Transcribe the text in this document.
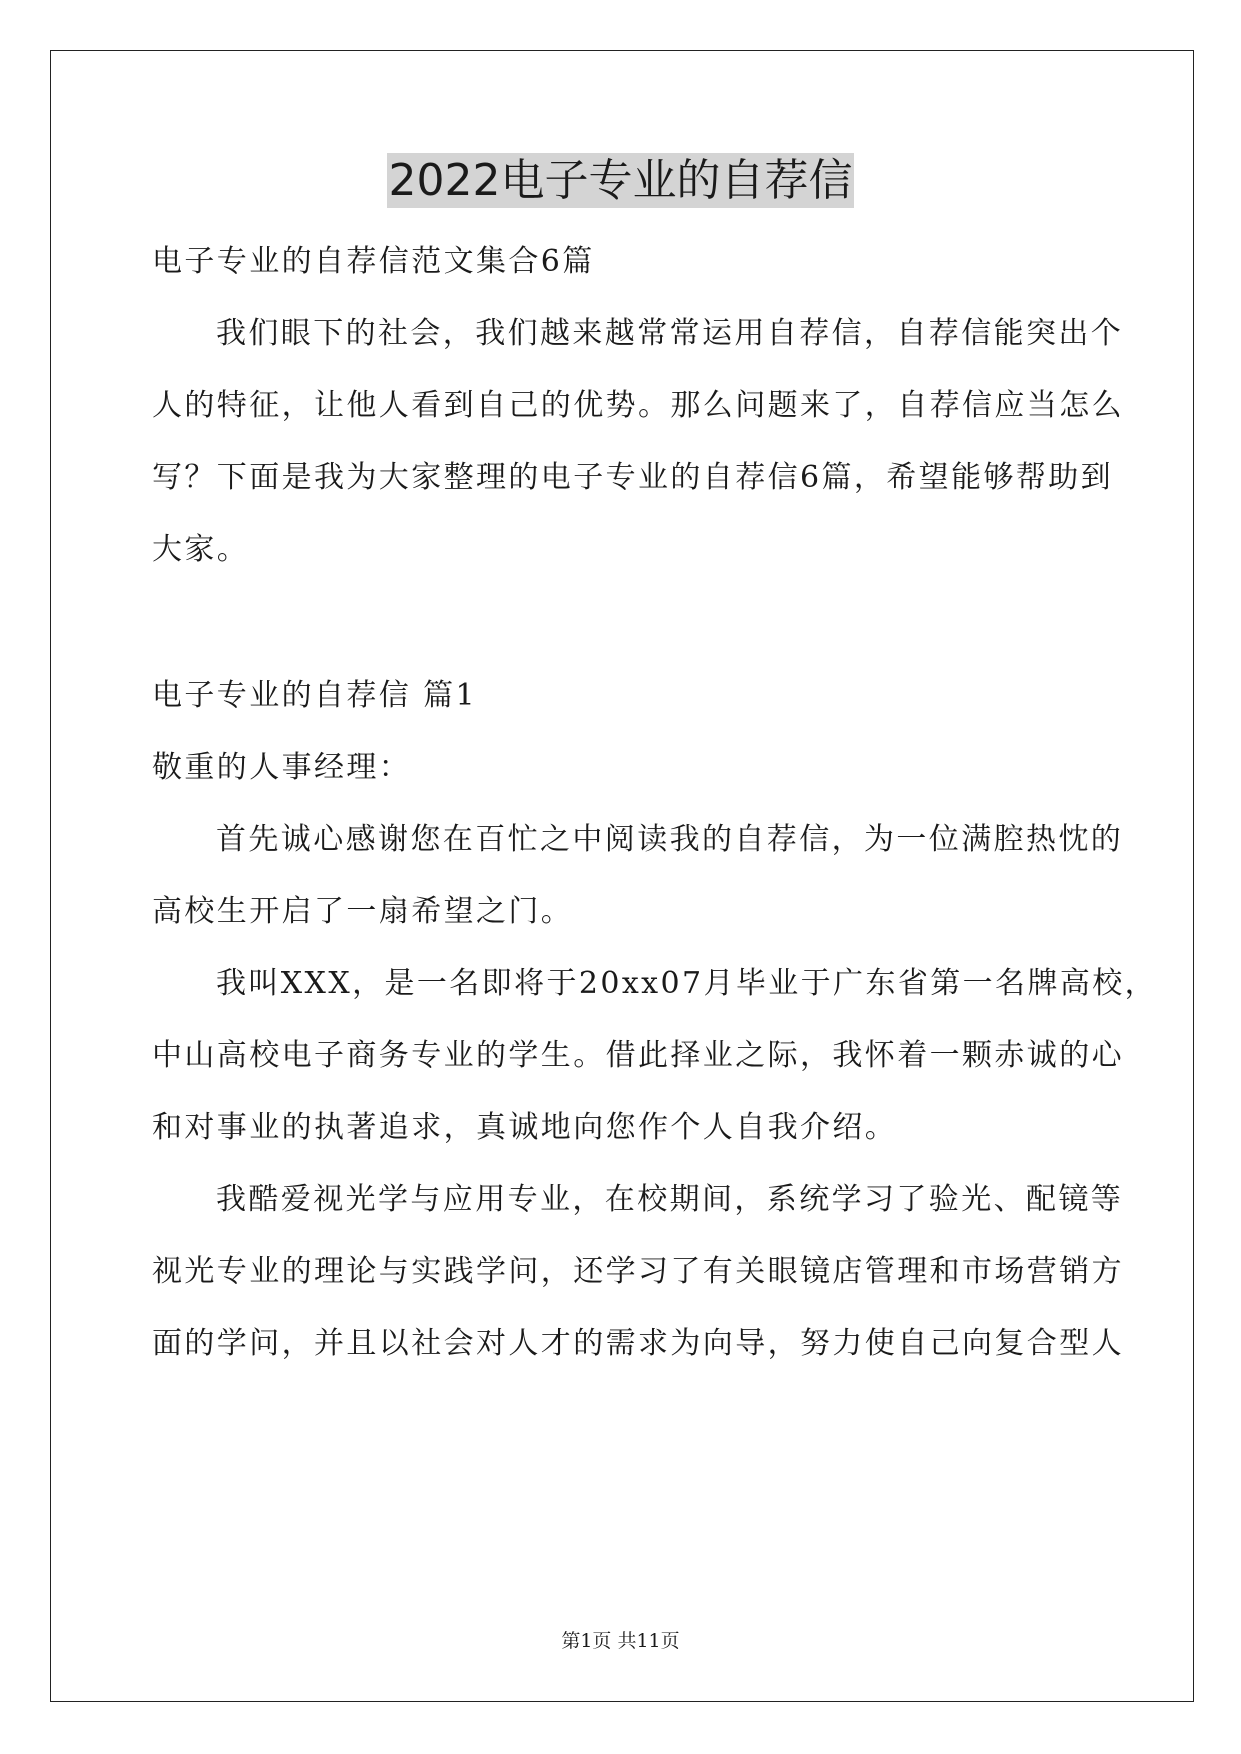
2022电子专业的自荐信
电子专业的自荐信范文集合6篇
我们眼下的社会，我们越来越常常运用自荐信，自荐信能突出个
人的特征，让他人看到自己的优势。那么问题来了，自荐信应当怎么
写？下面是我为大家整理的电子专业的自荐信6篇，希望能够帮助到
大家。
电子专业的自荐信 篇1
敬重的人事经理：
首先诚心感谢您在百忙之中阅读我的自荐信，为一位满腔热忱的
高校生开启了一扇希望之门。
我叫XXX，是一名即将于20xx07月毕业于广东省第一名牌高校，
中山高校电子商务专业的学生。借此择业之际，我怀着一颗赤诚的心
和对事业的执著追求，真诚地向您作个人自我介绍。
我酷爱视光学与应用专业，在校期间，系统学习了验光、配镜等
视光专业的理论与实践学问，还学习了有关眼镜店管理和市场营销方
面的学问，并且以社会对人才的需求为向导，努力使自己向复合型人
第1页 共11页
